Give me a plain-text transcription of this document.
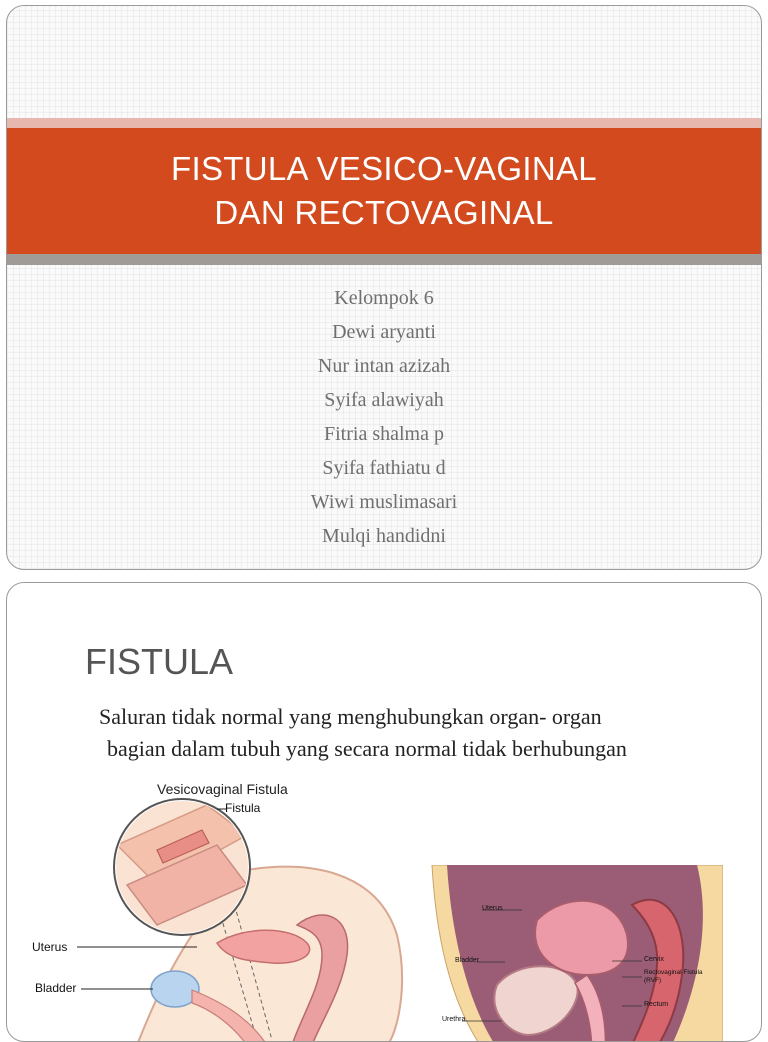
FISTULA VESICO-VAGINAL
DAN RECTOVAGINAL
Kelompok 6
Dewi aryanti
Nur intan azizah
Syifa alawiyah
Fitria shalma p
Syifa fathiatu d
Wiwi muslimasari
Mulqi handidni
FISTULA
Saluran tidak normal yang menghubungkan organ- organ
bagian dalam tubuh yang secara normal tidak berhubungan
Vesicovaginal Fistula
Fistula
Uterus
Bladder
Uterus
Bladder
Urethra
Cervix
Rectovaginal Fistula (RVF)
Rectum
